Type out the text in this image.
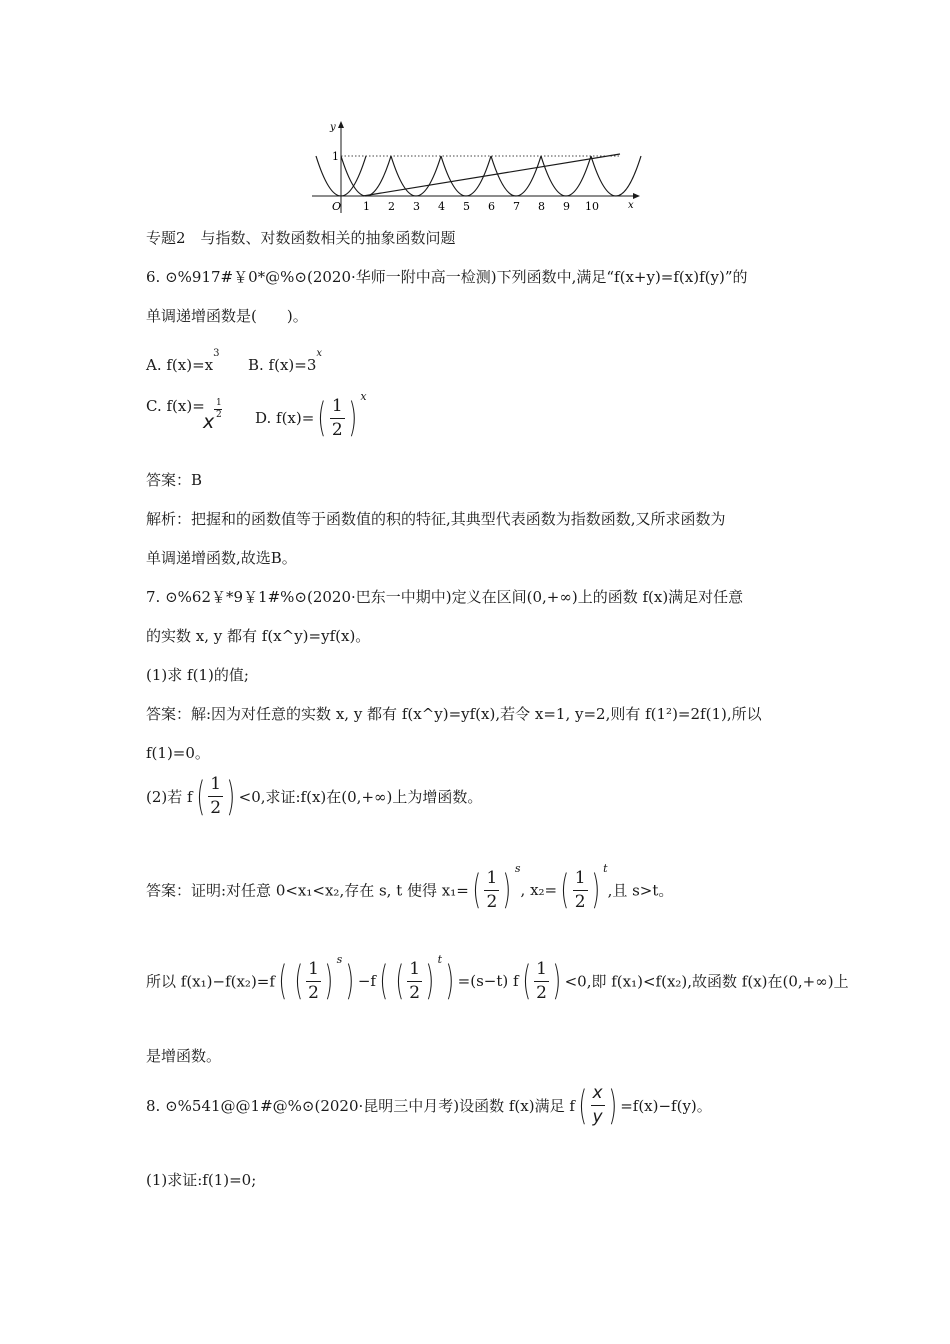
y
1
O	x
1 2 3 4 5 6 7 8 9 10
专题2　与指数、对数函数相关的抽象函数问题
6. ⊙%917#￥0*@%⊙(2020·华师一附中高一检测)下列函数中,满足“f(x+y)=f(x)f(y)”的
单调递增函数是(　　)。
A. $f(x)=x^3$
B. $f(x)=3^x$
C. f(x)=
x
1
2 D. $f(x)=( \frac{1}{2}$ ) $^x$
答案：B
解析：把握和的函数值等于函数值的积的特征,其典型代表函数为指数函数,又所求函数为
单调递增函数,故选B。
7. ⊙%62￥*9￥1#%⊙(2020·巴东一中期中)定义在区间(0,+∞)上的函数 f(x)满足对任意
的实数 x, y 都有 f(x^y)=yf(x)。
(1)求 f(1)的值;
答案：解:因为对任意的实数 x, y 都有 f(x^y)=yf(x),若令 x=1, y=2,则有 f(1²)=2f(1),所以
f(1)=0。
(2)若 $f( \frac{1}{2}$ ) <0,求证:f(x)在(0,+∞)上为增函数。
答案：证明:对任意 0<x₁<x₂,存在 s, t 使得 $x_1=( \frac{1}{2}$ ) $^s$, $x_2=( \frac{1}{2}$ ) $^t$,且 s>t。
所以 f(x₁)−f(x₂)=f( ( $\frac{1}{2}$ ) $^s$) −f( ( $\frac{1}{2}$ ) $^t$) =(s−t) $f( \frac{1}{2}$ ) <0,即 f(x₁)<f(x₂),故函数 f(x)在(0,+∞)上
是增函数。
8. ⊙%541@@1#@%⊙(2020·昆明三中月考)设函数 f(x)满足 $f( \frac{x}{y}$ ) =f(x)−f(y)。
(1)求证:f(1)=0;
